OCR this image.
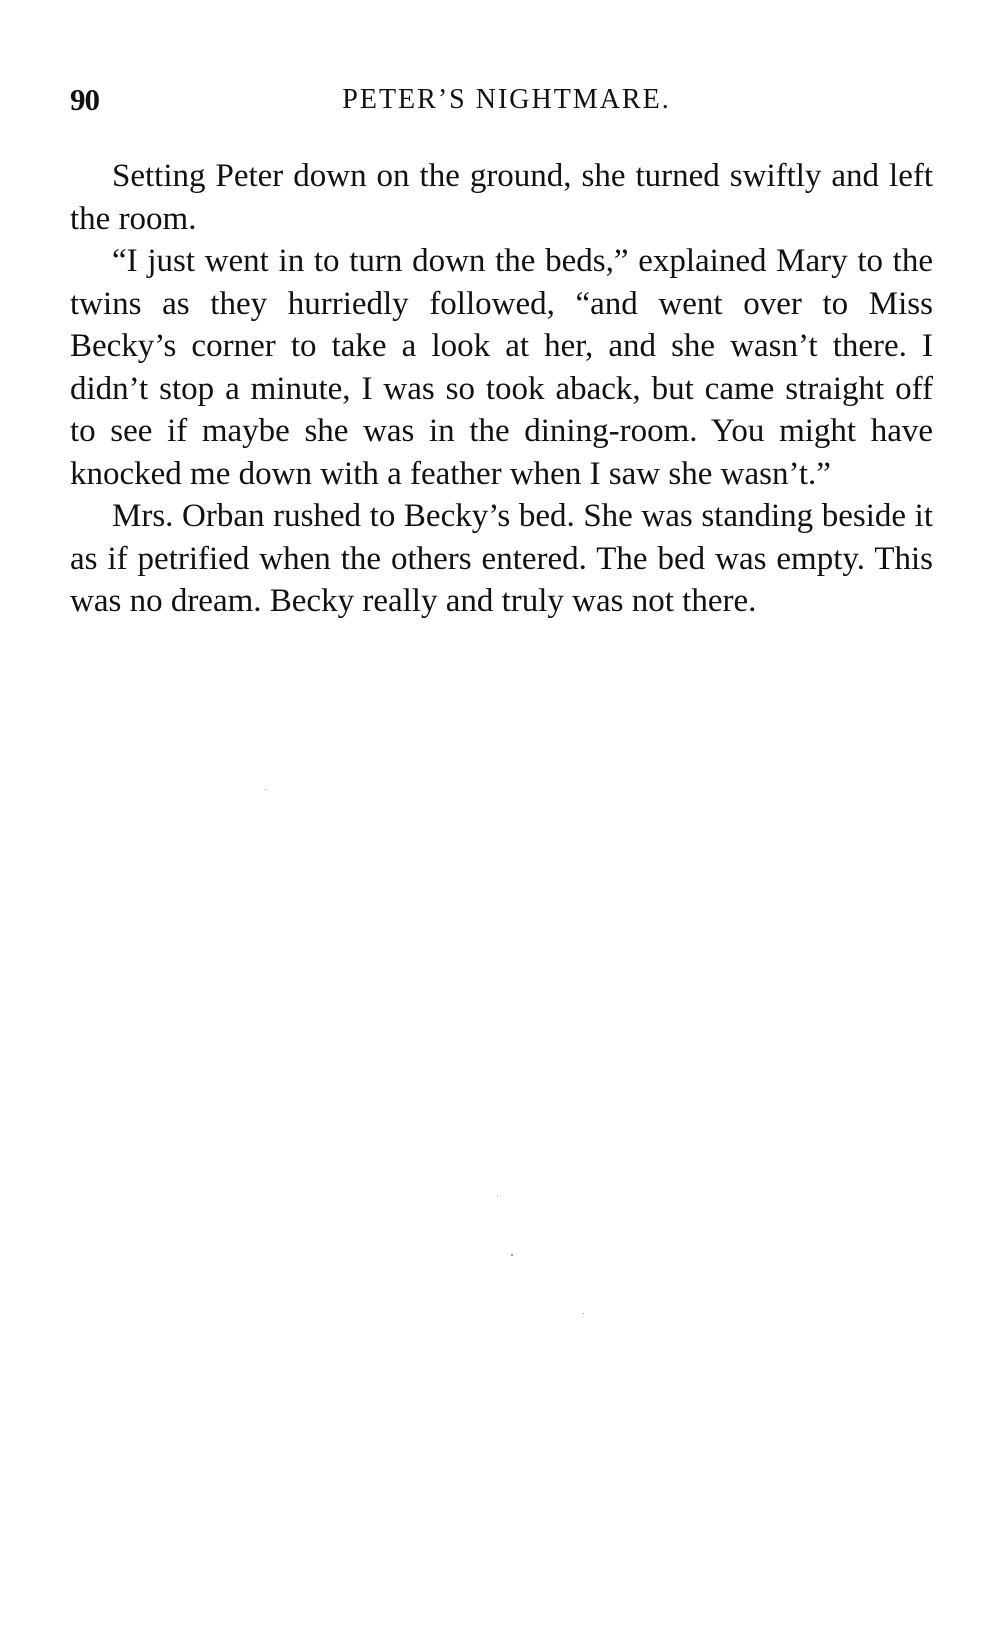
90	PETER’S NIGHTMARE.

Setting Peter down on the ground, she turned swiftly and left the room.

“I just went in to turn down the beds,” explained Mary to the twins as they hurriedly followed, “and went over to Miss Becky’s corner to take a look at her, and she wasn’t there. I didn’t stop a minute, I was so took aback, but came straight off to see if maybe she was in the dining-room. You might have knocked me down with a feather when I saw she wasn’t.”

Mrs. Orban rushed to Becky’s bed. She was standing beside it as if petrified when the others entered. The bed was empty. This was no dream. Becky really and truly was not there.
